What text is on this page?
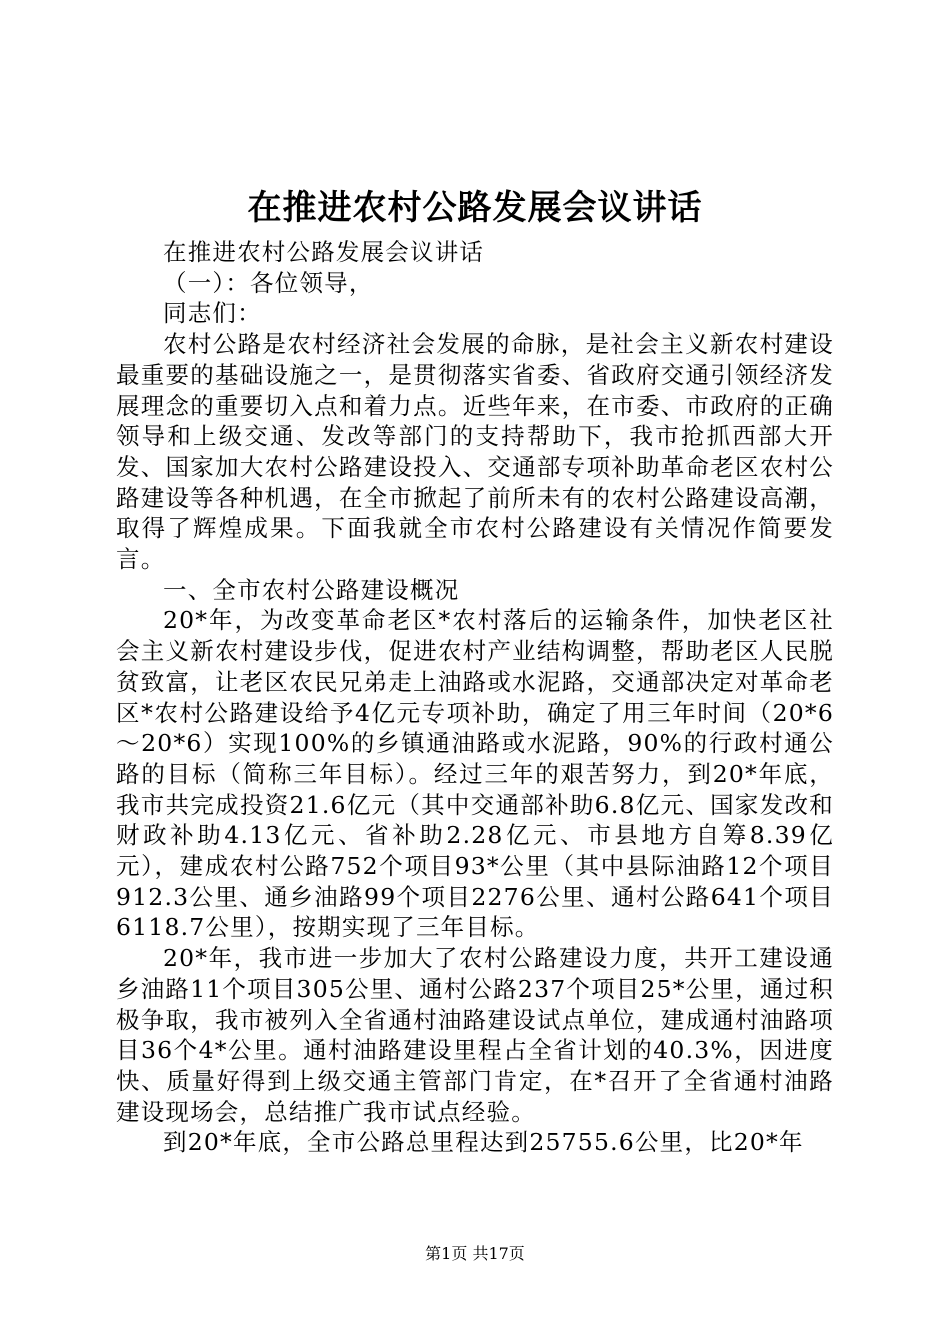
在推进农村公路发展会议讲话

在推进农村公路发展会议讲话

（一）：各位领导，

同志们：

农村公路是农村经济社会发展的命脉，是社会主义新农村建设最重要的基础设施之一，是贯彻落实省委、省政府交通引领经济发展理念的重要切入点和着力点。近些年来，在市委、市政府的正确领导和上级交通、发改等部门的支持帮助下，我市抢抓西部大开发、国家加大农村公路建设投入、交通部专项补助革命老区农村公路建设等各种机遇，在全市掀起了前所未有的农村公路建设高潮，取得了辉煌成果。下面我就全市农村公路建设有关情况作简要发言。

一、全市农村公路建设概况

20*年，为改变革命老区*农村落后的运输条件，加快老区社会主义新农村建设步伐，促进农村产业结构调整，帮助老区人民脱贫致富，让老区农民兄弟走上油路或水泥路，交通部决定对革命老区*农村公路建设给予4亿元专项补助，确定了用三年时间（20*6～20*6）实现100%的乡镇通油路或水泥路，90%的行政村通公路的目标（简称三年目标）。经过三年的艰苦努力，到20*年底，我市共完成投资21.6亿元（其中交通部补助6.8亿元、国家发改和财政补助4.13亿元、省补助2.28亿元、市县地方自筹8.39亿元），建成农村公路752个项目93*公里（其中县际油路12个项目912.3公里、通乡油路99个项目2276公里、通村公路641个项目6118.7公里），按期实现了三年目标。

20*年，我市进一步加大了农村公路建设力度，共开工建设通乡油路11个项目305公里、通村公路237个项目25*公里，通过积极争取，我市被列入全省通村油路建设试点单位，建成通村油路项目36个4*公里。通村油路建设里程占全省计划的40.3%，因进度快、质量好得到上级交通主管部门肯定，在*召开了全省通村油路建设现场会，总结推广我市试点经验。

到20*年底，全市公路总里程达到25755.6公里，比20*年

第1页 共17页
